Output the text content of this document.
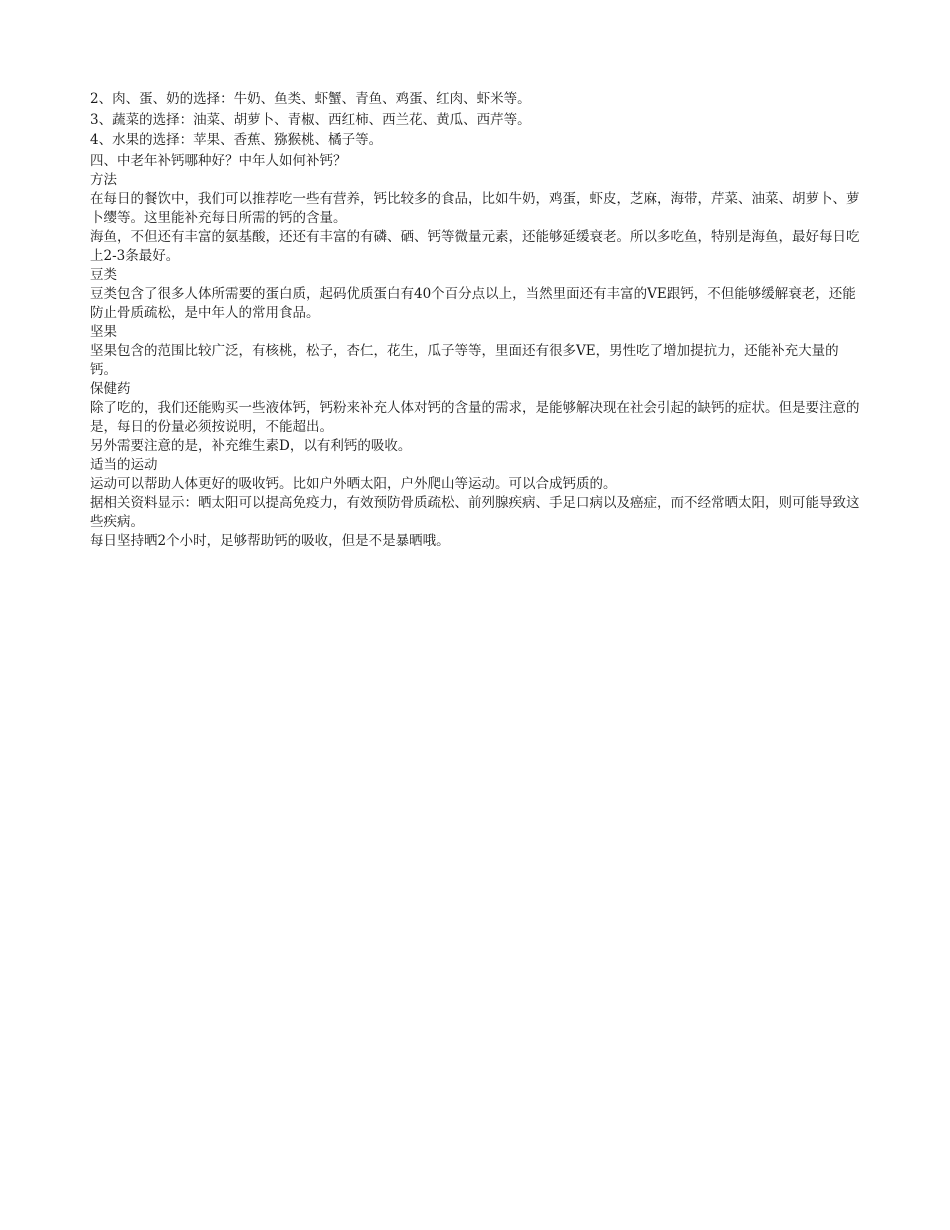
2、肉、蛋、奶的选择：牛奶、鱼类、虾蟹、青鱼、鸡蛋、红肉、虾米等。

3、蔬菜的选择：油菜、胡萝卜、青椒、西红柿、西兰花、黄瓜、西芹等。

4、水果的选择：苹果、香蕉、猕猴桃、橘子等。

四、中老年补钙哪种好？中年人如何补钙？

方法

在每日的餐饮中，我们可以推荐吃一些有营养，钙比较多的食品，比如牛奶，鸡蛋，虾皮，芝麻，海带，芹菜、油菜、胡萝卜、萝卜缨等。这里能补充每日所需的钙的含量。

海鱼，不但还有丰富的氨基酸，还还有丰富的有磷、硒、钙等微量元素，还能够延缓衰老。所以多吃鱼，特别是海鱼，最好每日吃上2-3条最好。

豆类

豆类包含了很多人体所需要的蛋白质，起码优质蛋白有40个百分点以上，当然里面还有丰富的VE跟钙，不但能够缓解衰老，还能防止骨质疏松，是中年人的常用食品。

坚果

坚果包含的范围比较广泛，有核桃，松子，杏仁，花生，瓜子等等，里面还有很多VE，男性吃了增加提抗力，还能补充大量的钙。

保健药

除了吃的，我们还能购买一些液体钙，钙粉来补充人体对钙的含量的需求，是能够解决现在社会引起的缺钙的症状。但是要注意的是，每日的份量必须按说明，不能超出。

另外需要注意的是，补充维生素D，以有利钙的吸收。

适当的运动

运动可以帮助人体更好的吸收钙。比如户外晒太阳，户外爬山等运动。可以合成钙质的。

据相关资料显示：晒太阳可以提高免疫力，有效预防骨质疏松、前列腺疾病、手足口病以及癌症，而不经常晒太阳，则可能导致这些疾病。

每日坚持晒2个小时，足够帮助钙的吸收，但是不是暴晒哦。
